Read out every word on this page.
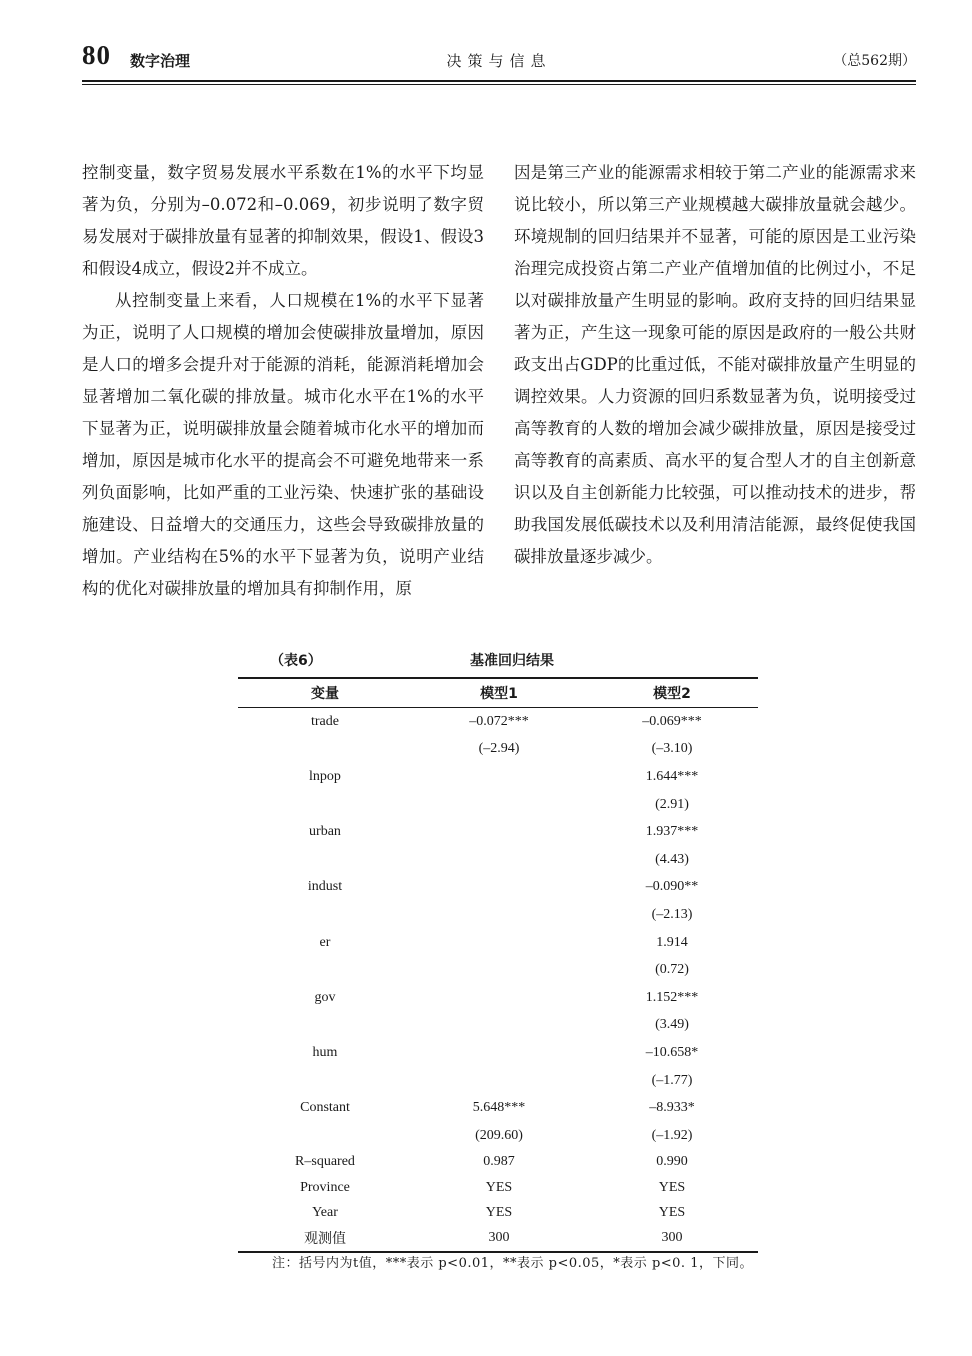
80 数字治理	决策与信息	（总562期）

控制变量，数字贸易发展水平系数在1%的水平下均显著为负，分别为–0.072和–0.069，初步说明了数字贸易发展对于碳排放量有显著的抑制效果，假设1、假设3和假设4成立，假设2并不成立。

从控制变量上来看，人口规模在1%的水平下显著为正，说明了人口规模的增加会使碳排放量增加，原因是人口的增多会提升对于能源的消耗，能源消耗增加会显著增加二氧化碳的排放量。城市化水平在1%的水平下显著为正，说明碳排放量会随着城市化水平的增加而增加，原因是城市化水平的提高会不可避免地带来一系列负面影响，比如严重的工业污染、快速扩张的基础设施建设、日益增大的交通压力，这些会导致碳排放量的增加。产业结构在5%的水平下显著为负，说明产业结构的优化对碳排放量的增加具有抑制作用，原

因是第三产业的能源需求相较于第二产业的能源需求来说比较小，所以第三产业规模越大碳排放量就会越少。环境规制的回归结果并不显著，可能的原因是工业污染治理完成投资占第二产业产值增加值的比例过小，不足以对碳排放量产生明显的影响。政府支持的回归结果显著为正，产生这一现象可能的原因是政府的一般公共财政支出占GDP的比重过低，不能对碳排放量产生明显的调控效果。人力资源的回归系数显著为负，说明接受过高等教育的人数的增加会减少碳排放量，原因是接受过高等教育的高素质、高水平的复合型人才的自主创新意识以及自主创新能力比较强，可以推动技术的进步，帮助我国发展低碳技术以及利用清洁能源，最终促使我国碳排放量逐步减少。

（表6）	基准回归结果
变量	模型1	模型2
trade	–0.072***	–0.069***
	(–2.94)	(–3.10)
lnpop		1.644***
		(2.91)
urban		1.937***
		(4.43)
indust		–0.090**
		(–2.13)
er		1.914
		(0.72)
gov		1.152***
		(3.49)
hum		–10.658*
		(–1.77)
Constant	5.648***	–8.933*
	(209.60)	(–1.92)
R–squared	0.987	0.990
Province	YES	YES
Year	YES	YES
观测值	300	300
注：括号内为t值，***表示 p<0.01，**表示 p<0.05，*表示 p<0. 1，下同。
